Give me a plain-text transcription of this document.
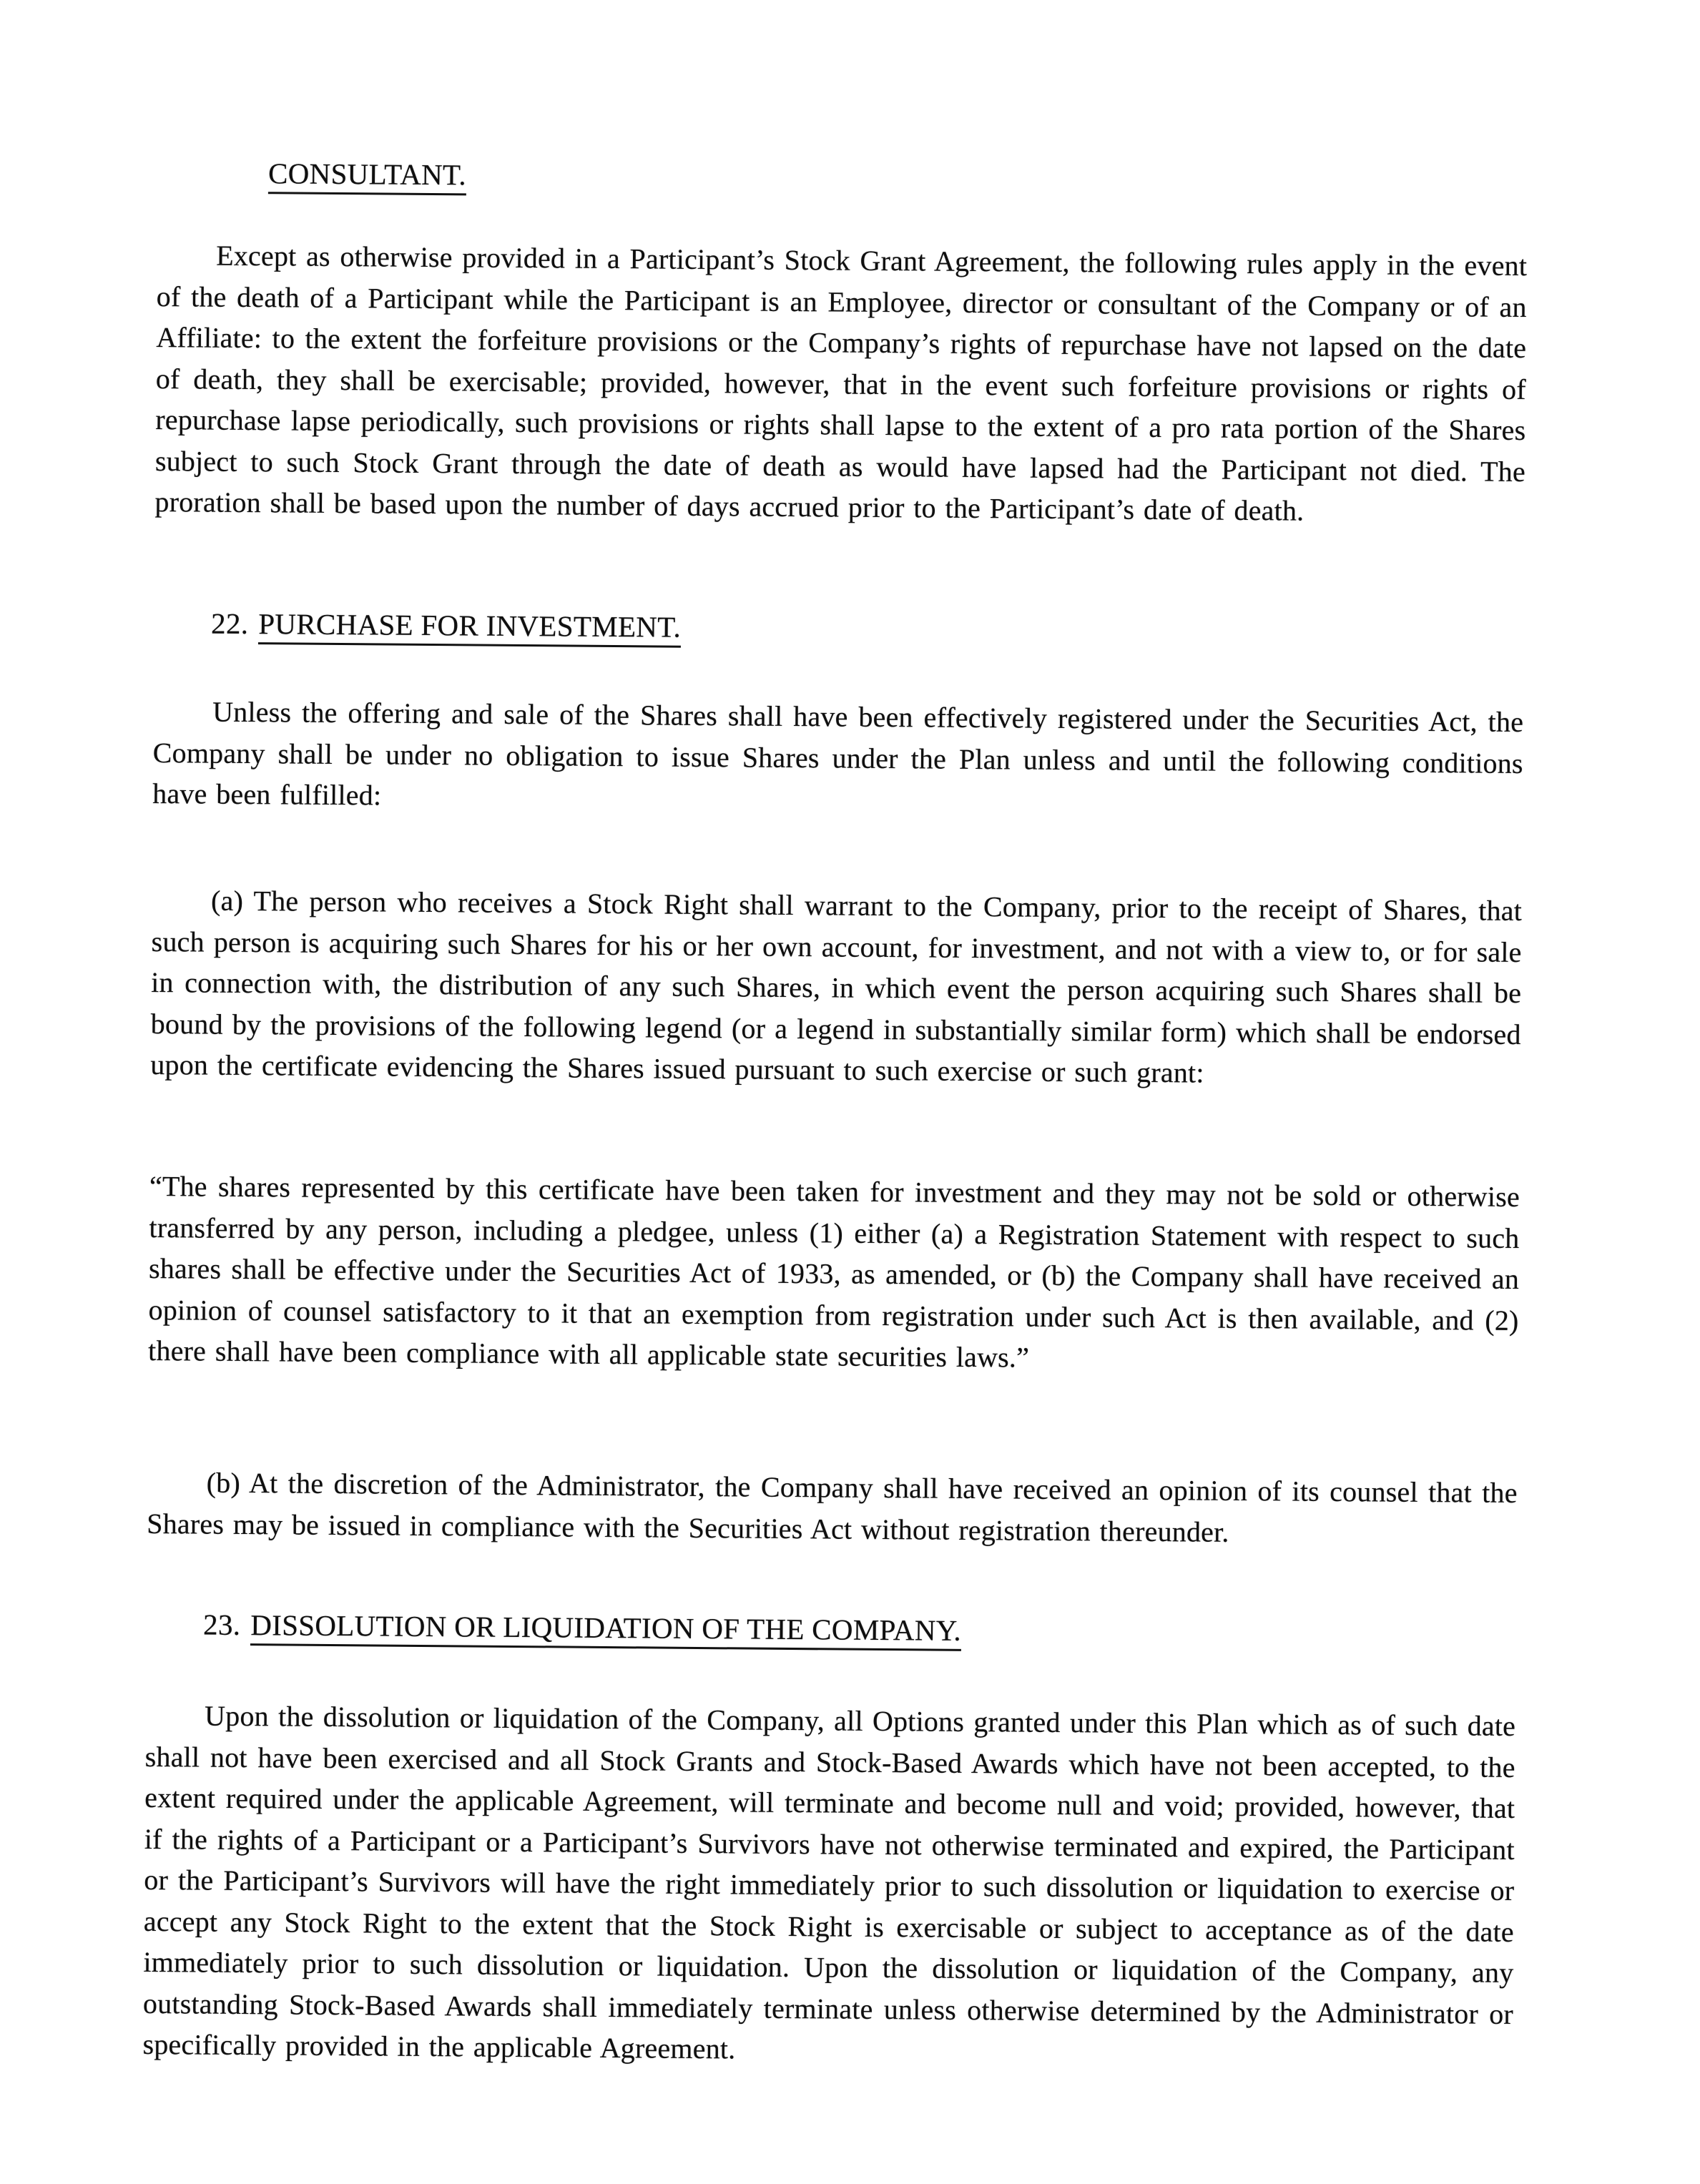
CONSULTANT.

Except as otherwise provided in a Participant’s Stock Grant Agreement, the following rules apply in the event of the death of a Participant while the Participant is an Employee, director or consultant of the Company or of an Affiliate: to the extent the forfeiture provisions or the Company’s rights of repurchase have not lapsed on the date of death, they shall be exercisable; provided, however, that in the event such forfeiture provisions or rights of repurchase lapse periodically, such provisions or rights shall lapse to the extent of a pro rata portion of the Shares subject to such Stock Grant through the date of death as would have lapsed had the Participant not died. The proration shall be based upon the number of days accrued prior to the Participant’s date of death.

22. PURCHASE FOR INVESTMENT.

Unless the offering and sale of the Shares shall have been effectively registered under the Securities Act, the Company shall be under no obligation to issue Shares under the Plan unless and until the following conditions have been fulfilled:

(a) The person who receives a Stock Right shall warrant to the Company, prior to the receipt of Shares, that such person is acquiring such Shares for his or her own account, for investment, and not with a view to, or for sale in connection with, the distribution of any such Shares, in which event the person acquiring such Shares shall be bound by the provisions of the following legend (or a legend in substantially similar form) which shall be endorsed upon the certificate evidencing the Shares issued pursuant to such exercise or such grant:

“The shares represented by this certificate have been taken for investment and they may not be sold or otherwise transferred by any person, including a pledgee, unless (1) either (a) a Registration Statement with respect to such shares shall be effective under the Securities Act of 1933, as amended, or (b) the Company shall have received an opinion of counsel satisfactory to it that an exemption from registration under such Act is then available, and (2) there shall have been compliance with all applicable state securities laws.”

(b) At the discretion of the Administrator, the Company shall have received an opinion of its counsel that the Shares may be issued in compliance with the Securities Act without registration thereunder.

23. DISSOLUTION OR LIQUIDATION OF THE COMPANY.

Upon the dissolution or liquidation of the Company, all Options granted under this Plan which as of such date shall not have been exercised and all Stock Grants and Stock-Based Awards which have not been accepted, to the extent required under the applicable Agreement, will terminate and become null and void; provided, however, that if the rights of a Participant or a Participant’s Survivors have not otherwise terminated and expired, the Participant or the Participant’s Survivors will have the right immediately prior to such dissolution or liquidation to exercise or accept any Stock Right to the extent that the Stock Right is exercisable or subject to acceptance as of the date immediately prior to such dissolution or liquidation. Upon the dissolution or liquidation of the Company, any outstanding Stock-Based Awards shall immediately terminate unless otherwise determined by the Administrator or specifically provided in the applicable Agreement.
